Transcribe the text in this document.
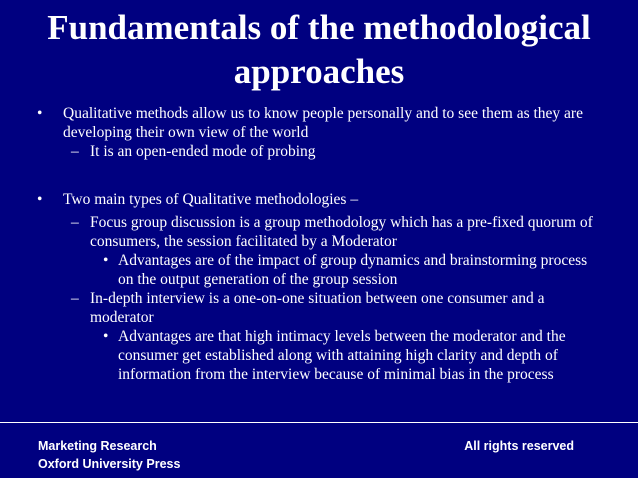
Fundamentals of the methodological
approaches
• Qualitative methods allow us to know people personally and to see them as they are developing their own view of the world
– It is an open-ended mode of probing
• Two main types of Qualitative methodologies –
– Focus group discussion is a group methodology which has a pre-fixed quorum of consumers, the session facilitated by a Moderator
• Advantages are of the impact of group dynamics and brainstorming process on the output generation of the group session
– In-depth interview is a one-on-one situation between one consumer and a moderator
• Advantages are that high intimacy levels between the moderator and the consumer get established along with attaining high clarity and depth of information from the interview because of minimal bias in the process
Marketing Research
Oxford University Press
All rights reserved
